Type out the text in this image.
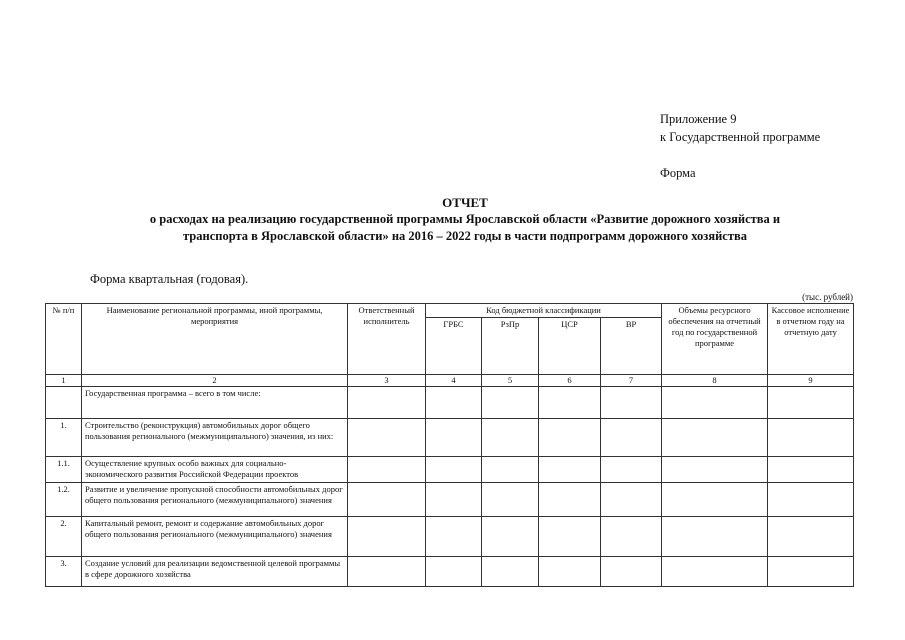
Приложение 9
к Государственной программе
Форма
ОТЧЕТ
о расходах на реализацию государственной программы Ярославской области «Развитие дорожного хозяйства и
транспорта в Ярославской области» на 2016 – 2022 годы в части подпрограмм дорожного хозяйства
Форма квартальная (годовая).
(тыс. рублей)
№ п/п	Наименование региональной программы, иной программы, мероприятия	Ответственный исполнитель	Код бюджетной классификации				Объемы ресурсного обеспечения на отчетный год по государственной программе	Кассовое исполнение в отчетном году на отчетную дату
			ГРБС	РзПр	ЦСР	ВР		
1	2	3	4	5	6	7	8	9
	Государственная программа – всего в том числе:							
1.	Строительство (реконструкция) автомобильных дорог общего пользования регионального (межмуниципального) значения, из них:							
1.1.	Осуществление крупных особо важных для социально-экономического развития Российской Федерации проектов							
1.2.	Развитие и увеличение пропускной способности автомобильных дорог общего пользования регионального (межмуниципального) значения							
2.	Капитальный ремонт, ремонт и содержание автомобильных дорог общего пользования регионального (межмуниципального) значения							
3.	Создание условий для реализации ведомственной целевой программы в сфере дорожного хозяйства							
